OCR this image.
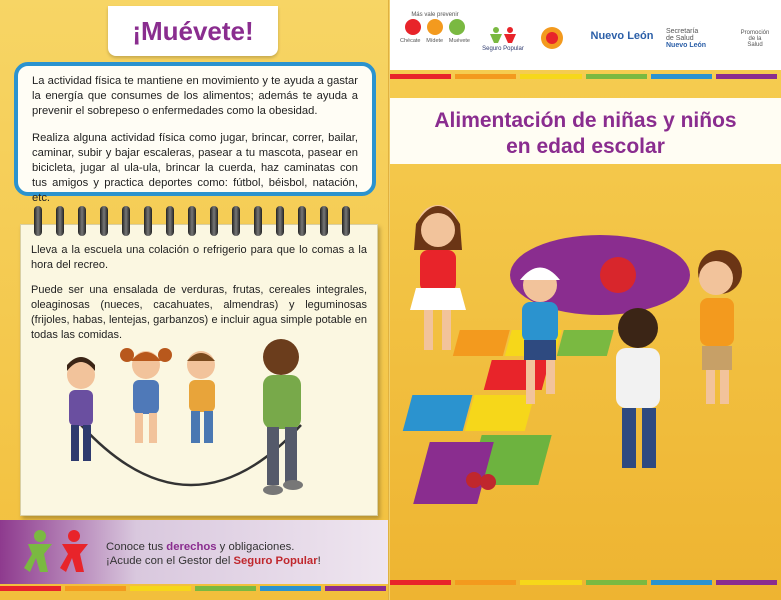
¡Muévete!

La actividad física te mantiene en movimiento y te ayuda a gastar la energía que consumes de los alimentos; además te ayuda a prevenir el sobrepeso o enfermedades como la obesidad.

Realiza alguna actividad física como jugar, brincar, correr, bailar, caminar, subir y bajar escaleras, pasear a tu mascota, pasear en bicicleta, jugar al ula-ula, brincar la cuerda, haz caminatas con tus amigos y practica deportes como: fútbol, béisbol, natación, etc.

Lleva a la escuela una colación o refrigerio para que lo comas a la hora del recreo.

Puede ser una ensalada de verduras, frutas, cereales integrales, oleaginosas (nueces, cacahuates, almendras) y leguminosas (frijoles, habas, lentejas, garbanzos) e incluir agua simple potable en todas las comidas.

Conoce tus derechos y obligaciones.
¡Acude con el Gestor del Seguro Popular!
Más vale prevenir
Chécate Mídete Muévete
Seguro Popular
Nuevo León Secretaría
de Salud
Nuevo León
Promoción
de la
Salud
Alimentación de niñas y niños
en edad escolar
